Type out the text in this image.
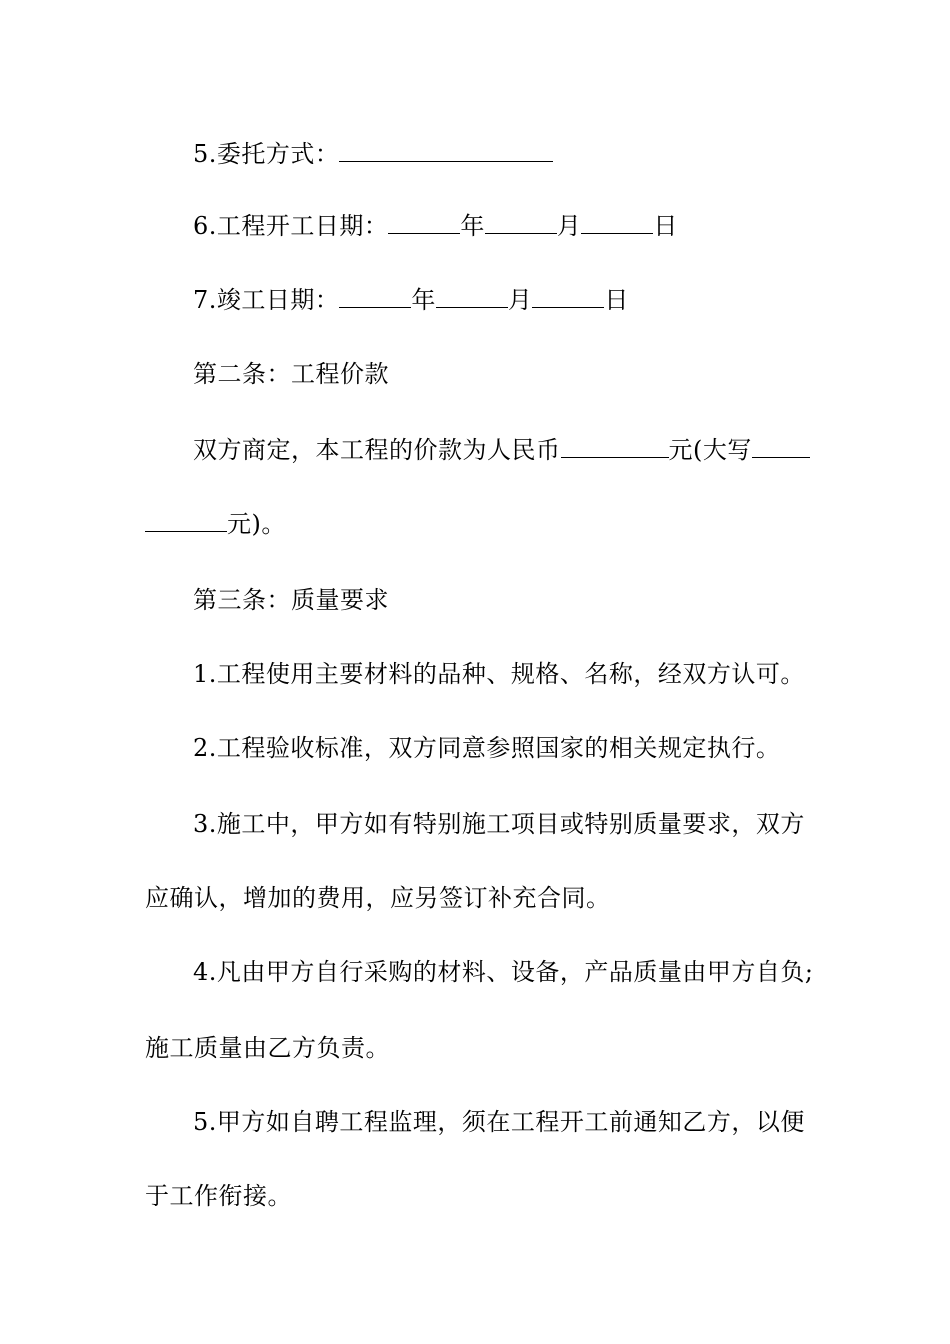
5.委托方式：
6.工程开工日期：	年	月	日
7.竣工日期：	年	月	日
第二条：工程价款
双方商定，本工程的价款为人民币	元(大写
元)。
第三条：质量要求
1.工程使用主要材料的品种、规格、名称，经双方认可。
2.工程验收标准，双方同意参照国家的相关规定执行。
3.施工中，甲方如有特别施工项目或特别质量要求，双方
应确认，增加的费用，应另签订补充合同。
4.凡由甲方自行采购的材料、设备，产品质量由甲方自负;
施工质量由乙方负责。
5.甲方如自聘工程监理，须在工程开工前通知乙方，以便
于工作衔接。
